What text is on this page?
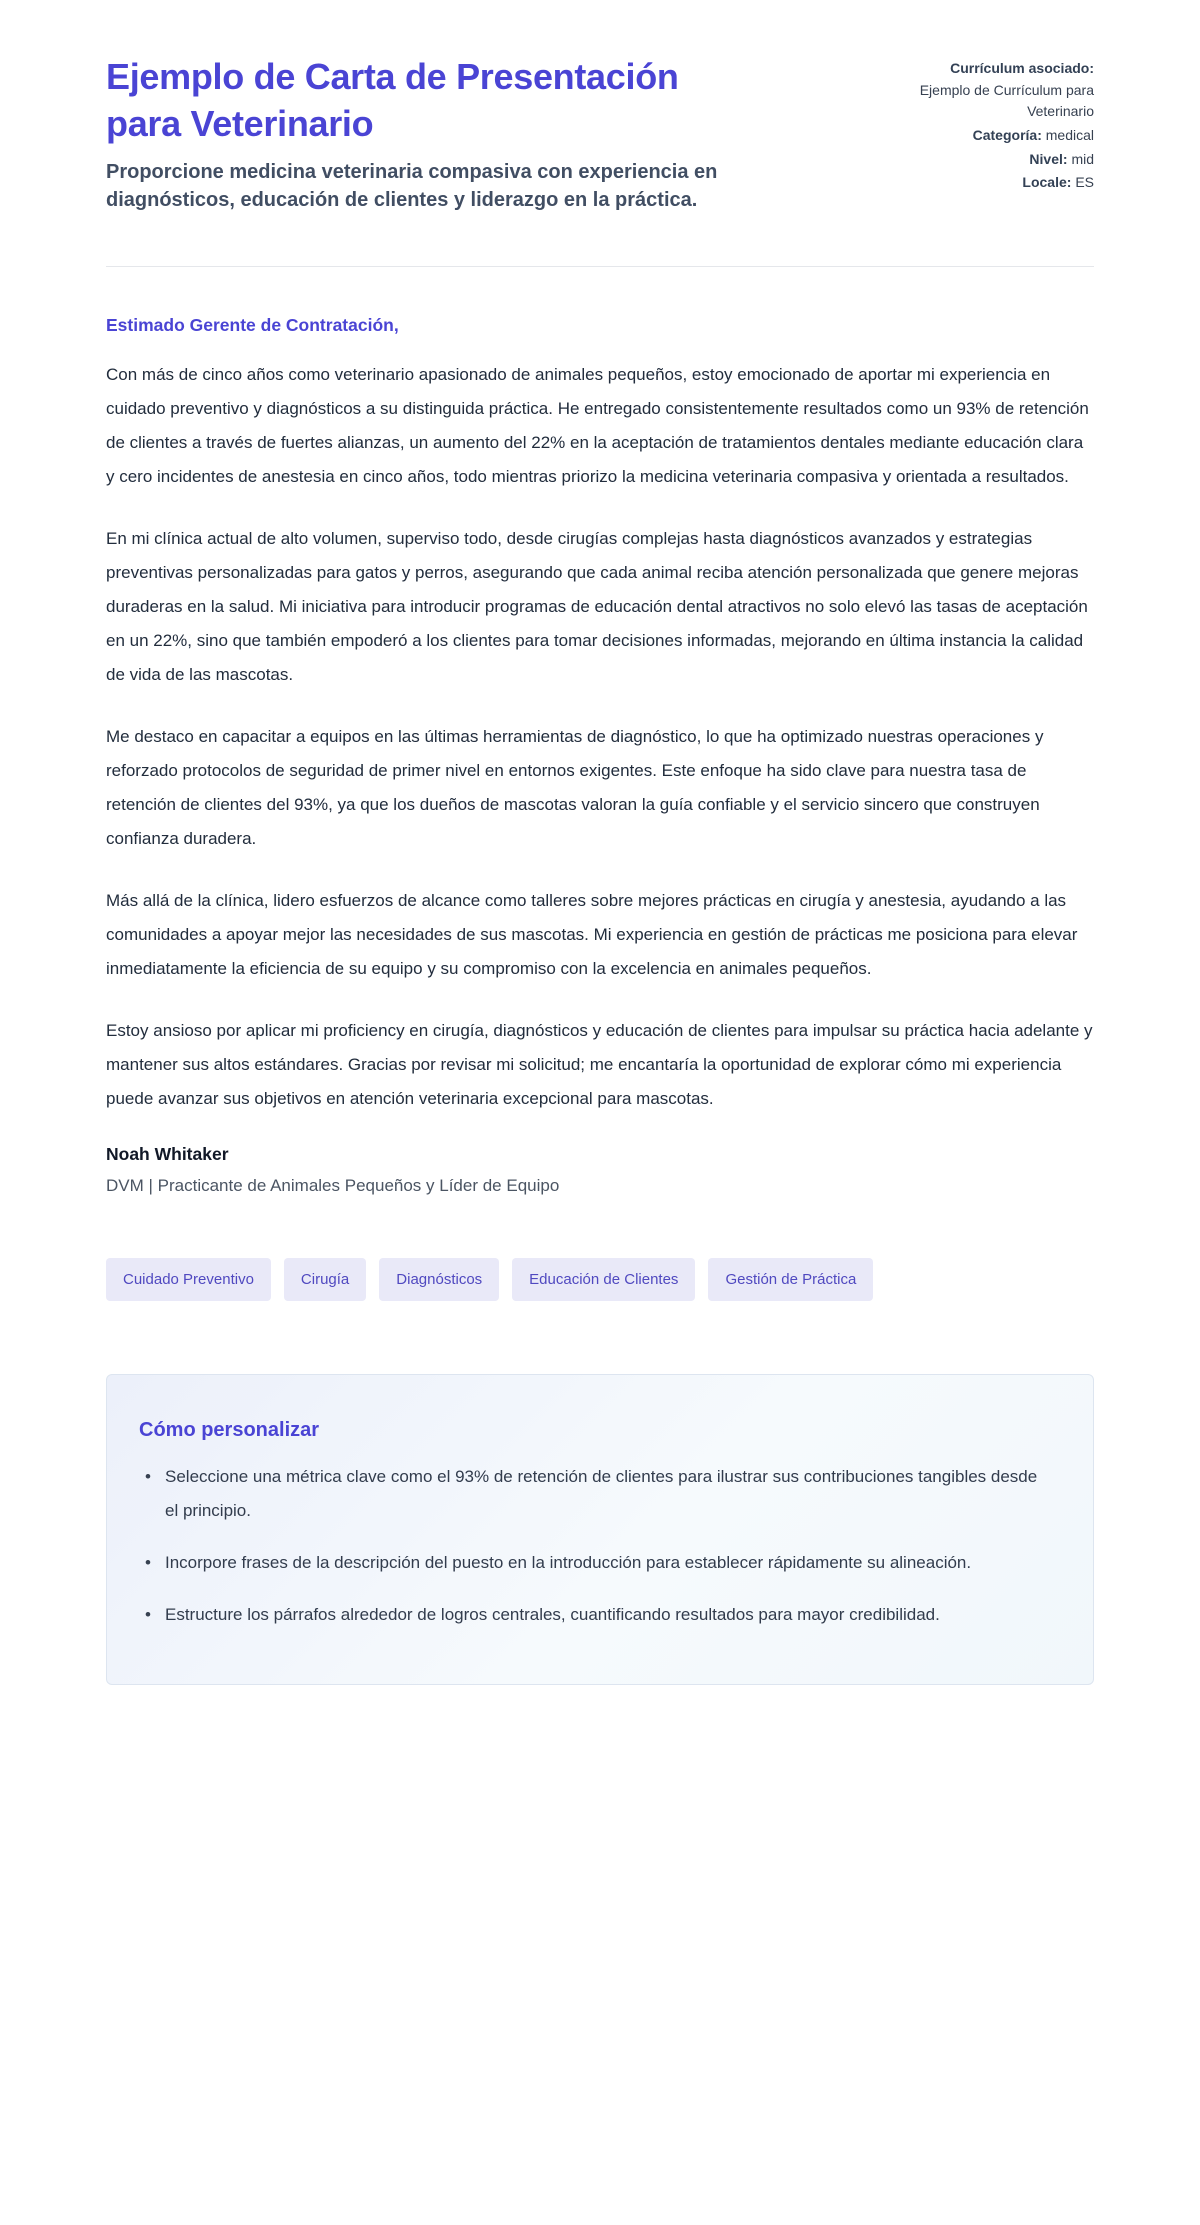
Ejemplo de Carta de Presentación para Veterinario
Proporcione medicina veterinaria compasiva con experiencia en diagnósticos, educación de clientes y liderazgo en la práctica.
Currículum asociado:
Ejemplo de Currículum para Veterinario
Categoría: medical
Nivel: mid
Locale: ES

Estimado Gerente de Contratación,

Con más de cinco años como veterinario apasionado de animales pequeños, estoy emocionado de aportar mi experiencia en cuidado preventivo y diagnósticos a su distinguida práctica. He entregado consistentemente resultados como un 93% de retención de clientes a través de fuertes alianzas, un aumento del 22% en la aceptación de tratamientos dentales mediante educación clara y cero incidentes de anestesia en cinco años, todo mientras priorizo la medicina veterinaria compasiva y orientada a resultados.

En mi clínica actual de alto volumen, superviso todo, desde cirugías complejas hasta diagnósticos avanzados y estrategias preventivas personalizadas para gatos y perros, asegurando que cada animal reciba atención personalizada que genere mejoras duraderas en la salud. Mi iniciativa para introducir programas de educación dental atractivos no solo elevó las tasas de aceptación en un 22%, sino que también empoderó a los clientes para tomar decisiones informadas, mejorando en última instancia la calidad de vida de las mascotas.

Me destaco en capacitar a equipos en las últimas herramientas de diagnóstico, lo que ha optimizado nuestras operaciones y reforzado protocolos de seguridad de primer nivel en entornos exigentes. Este enfoque ha sido clave para nuestra tasa de retención de clientes del 93%, ya que los dueños de mascotas valoran la guía confiable y el servicio sincero que construyen confianza duradera.

Más allá de la clínica, lidero esfuerzos de alcance como talleres sobre mejores prácticas en cirugía y anestesia, ayudando a las comunidades a apoyar mejor las necesidades de sus mascotas. Mi experiencia en gestión de prácticas me posiciona para elevar inmediatamente la eficiencia de su equipo y su compromiso con la excelencia en animales pequeños.

Estoy ansioso por aplicar mi proficiency en cirugía, diagnósticos y educación de clientes para impulsar su práctica hacia adelante y mantener sus altos estándares. Gracias por revisar mi solicitud; me encantaría la oportunidad de explorar cómo mi experiencia puede avanzar sus objetivos en atención veterinaria excepcional para mascotas.

Noah Whitaker

DVM | Practicante de Animales Pequeños y Líder de Equipo

Cuidado Preventivo	Cirugía	Diagnósticos	Educación de Clientes	Gestión de Práctica
Cómo personalizar
• Seleccione una métrica clave como el 93% de retención de clientes para ilustrar sus contribuciones tangibles desde el principio.
• Incorpore frases de la descripción del puesto en la introducción para establecer rápidamente su alineación.
• Estructure los párrafos alrededor de logros centrales, cuantificando resultados para mayor credibilidad.
